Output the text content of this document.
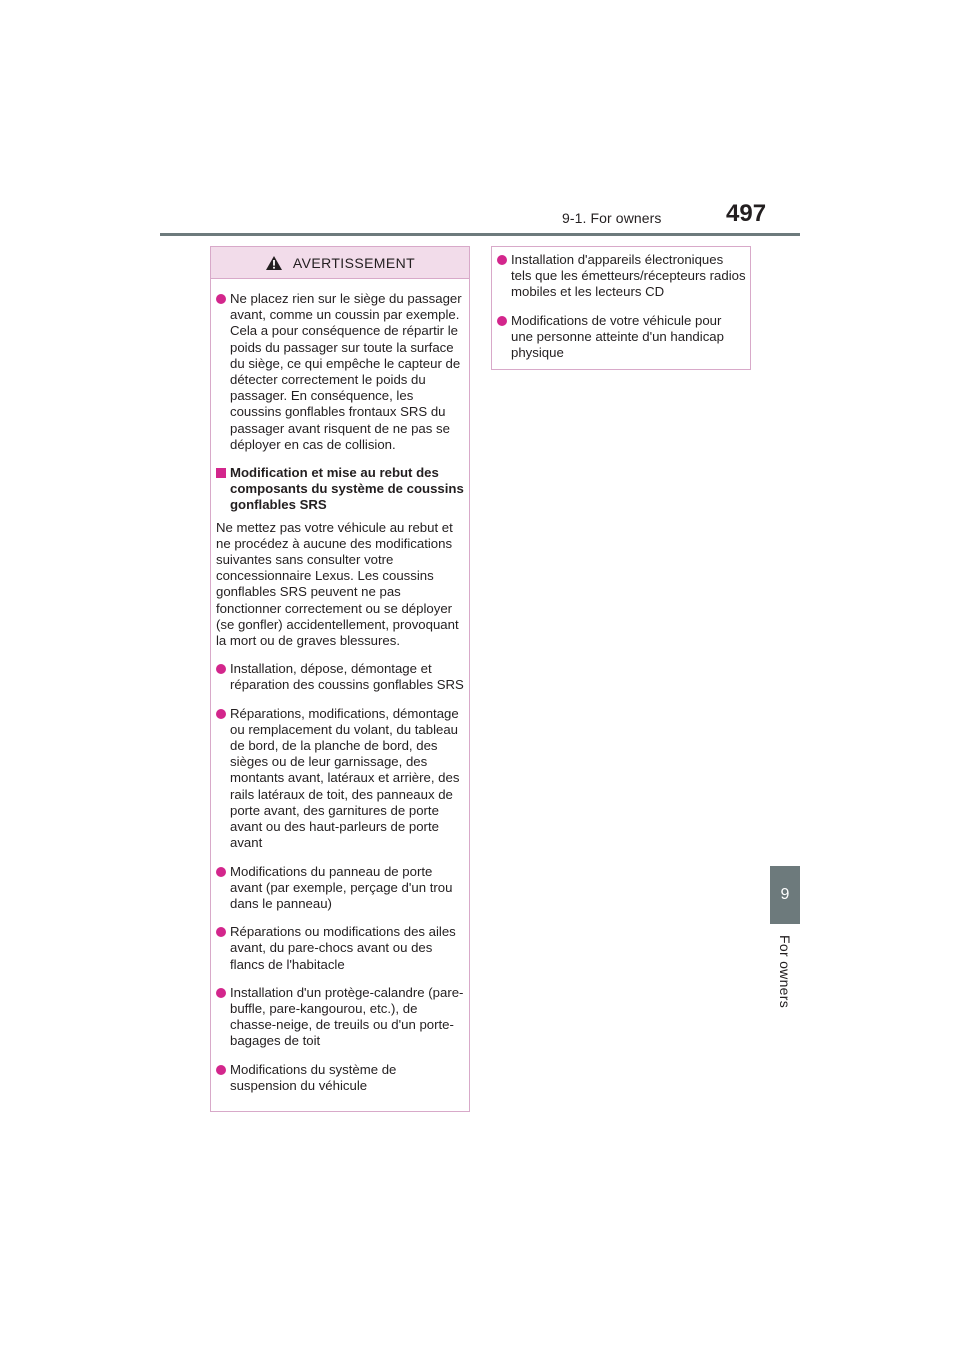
9-1. For owners	497
9
For owners
AVERTISSEMENT
Ne placez rien sur le siège du passager avant, comme un coussin par exemple. Cela a pour conséquence de répartir le poids du passager sur toute la surface du siège, ce qui empêche le capteur de détecter correctement le poids du passager. En conséquence, les coussins gonflables frontaux SRS du passager avant risquent de ne pas se déployer en cas de collision.
Modification et mise au rebut des composants du système de coussins gonflables SRS
Ne mettez pas votre véhicule au rebut et ne procédez à aucune des modifications suivantes sans consulter votre concessionnaire Lexus. Les coussins gonflables SRS peuvent ne pas fonctionner correctement ou se déployer (se gonfler) accidentellement, provoquant la mort ou de graves blessures.
Installation, dépose, démontage et réparation des coussins gonflables SRS
Réparations, modifications, démontage ou remplacement du volant, du tableau de bord, de la planche de bord, des sièges ou de leur garnissage, des montants avant, latéraux et arrière, des rails latéraux de toit, des panneaux de porte avant, des garnitures de porte avant ou des haut-parleurs de porte avant
Modifications du panneau de porte avant (par exemple, perçage d'un trou dans le panneau)
Réparations ou modifications des ailes avant, du pare-chocs avant ou des flancs de l'habitacle
Installation d'un protège-calandre (pare-buffle, pare-kangourou, etc.), de chasse-neige, de treuils ou d'un porte-bagages de toit
Modifications du système de suspension du véhicule
Installation d'appareils électroniques tels que les émetteurs/récepteurs radios mobiles et les lecteurs CD
Modifications de votre véhicule pour une personne atteinte d'un handicap physique
